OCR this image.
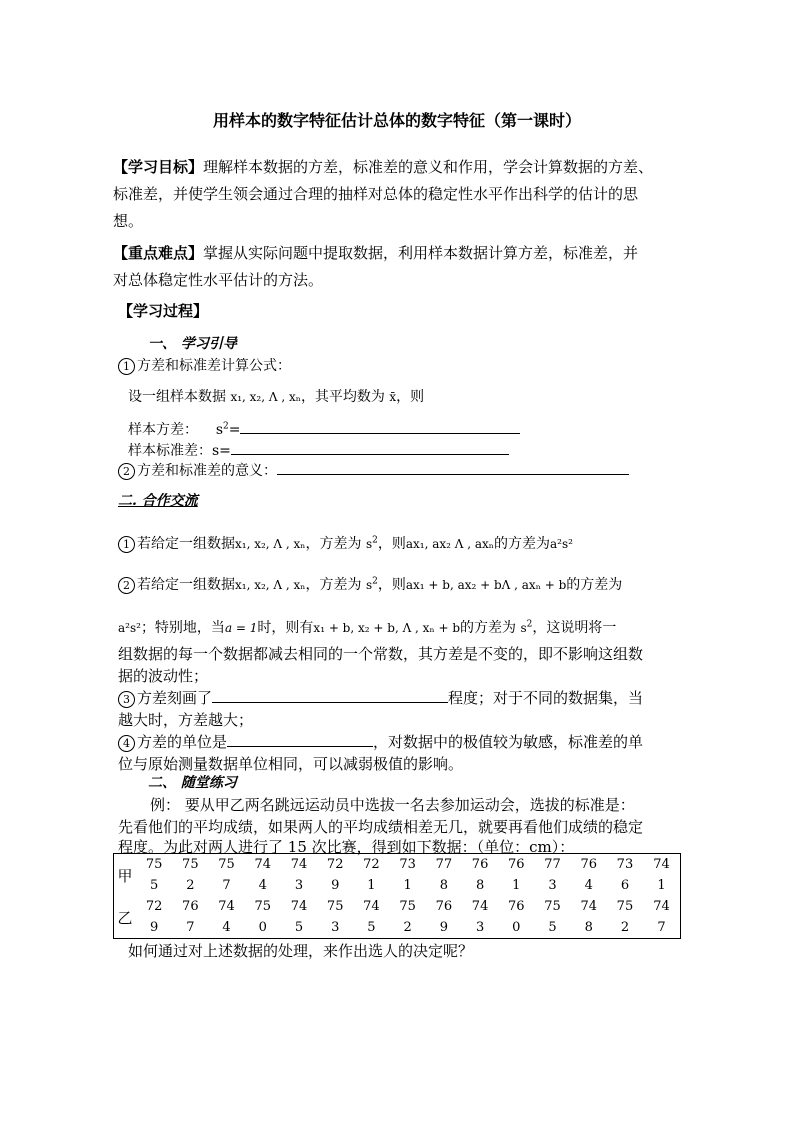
用样本的数字特征估计总体的数字特征（第一课时）
【学习目标】理解样本数据的方差，标准差的意义和作用，学会计算数据的方差、
标准差，并使学生领会通过合理的抽样对总体的稳定性水平作出科学的估计的思
想。
【重点难点】掌握从实际问题中提取数据，利用样本数据计算方差，标准差，并
对总体稳定性水平估计的方法。
【学习过程】
一、 学习引导
1 方差和标准差计算公式：
设一组样本数据 x₁, x₂, Λ , xₙ，其平均数为 x̄，则
样本方差： $s^2=$
样本标准差：s=
2 方差和标准差的意义：
二. 合作交流
1 若给定一组数据x₁, x₂, Λ , xₙ，方差为 $s^2$，则ax₁, ax₂ Λ , axₙ的方差为a²s²
2 若给定一组数据x₁, x₂, Λ , xₙ，方差为 $s^2$，则ax₁ + b, ax₂ + bΛ , axₙ + b的方差为
a²s²；特别地，当a = 1时，则有x₁ + b, x₂ + b, Λ , xₙ + b的方差为 $s^2$，这说明将一
组数据的每一个数据都减去相同的一个常数，其方差是不变的，即不影响这组数
据的波动性；
3 方差刻画了	程度；对于不同的数据集，当
越大时，方差越大；
4 方差的单位是	，对数据中的极值较为敏感，标准差的单
位与原始测量数据单位相同，可以减弱极值的影响。
二、 随堂练习
例： 要从甲乙两名跳远运动员中选拔一名去参加运动会，选拔的标准是：
先看他们的平均成绩，如果两人的平均成绩相差无几，就要再看他们成绩的稳定
程度。为此对两人进行了 15 次比赛，得到如下数据：（单位：cm）：
甲	75	75	75	74	74	72	72	73	77	76	76	77	76	73	74
	5	2	7	4	3	9	1	1	8	8	1	3	4	6	1
乙	72	76	74	75	74	75	74	75	76	74	76	75	74	75	74
	9	7	4	0	5	3	5	2	9	3	0	5	8	2	7
如何通过对上述数据的处理，来作出选人的决定呢？
